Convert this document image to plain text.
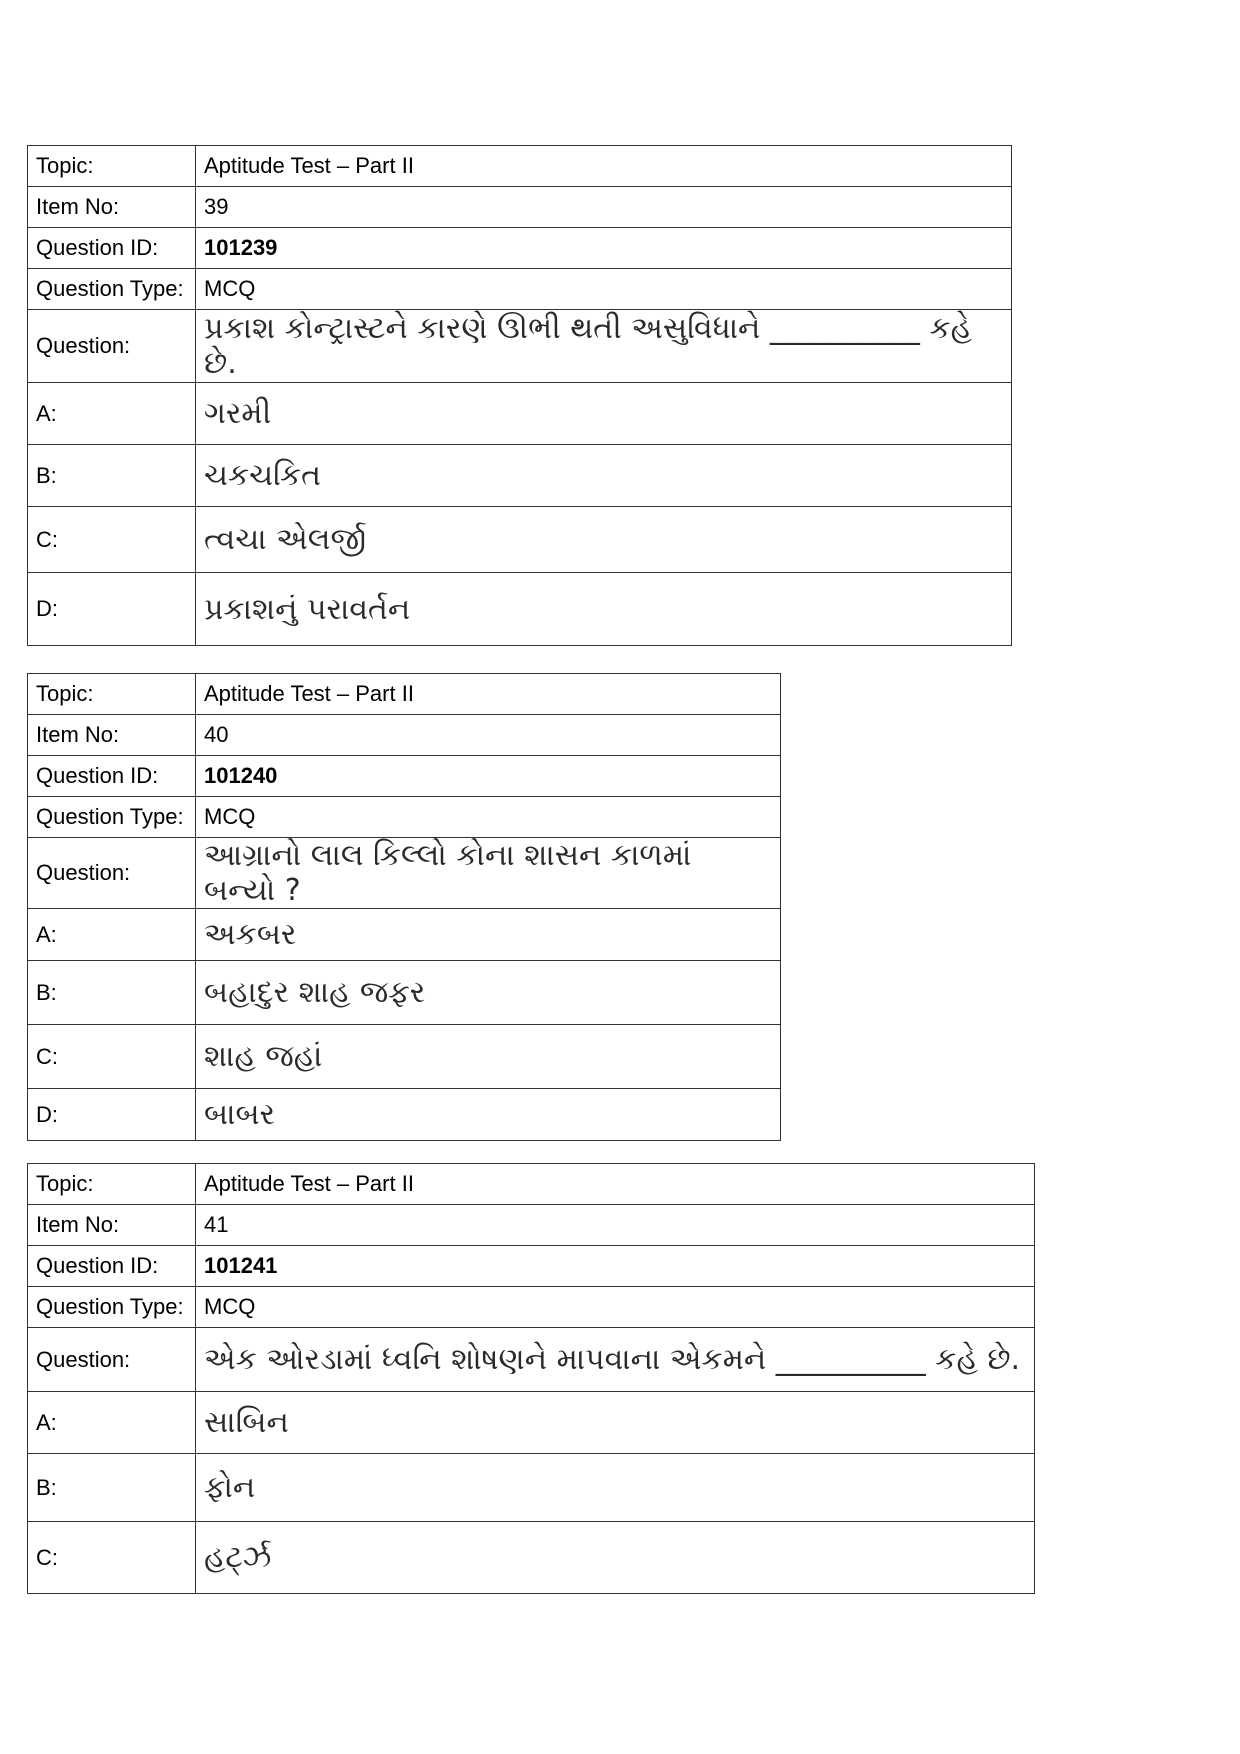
Topic:	Aptitude Test – Part II
Item No:	39
Question ID:	101239
Question Type:	MCQ
Question:	પ્રકાશ કોન્ટ્રાસ્ટને કારણે ઊભી થતી અસુવિધાને __________ કહે છે.
A:	ગરમી
B:	ચકચકિત
C:	ત્વચા એલર્જી
D:	પ્રકાશનું પરાવર્તન
Topic:	Aptitude Test – Part II
Item No:	40
Question ID:	101240
Question Type:	MCQ
Question:	આગ્રાનો લાલ કિલ્લો કોના શાસન કાળમાં બન્યો ?
A:	અકબર
B:	બહાદુર શાહ જફર
C:	શાહ જહાં
D:	બાબર
Topic:	Aptitude Test – Part II
Item No:	41
Question ID:	101241
Question Type:	MCQ
Question:	એક ઓરડામાં ધ્વનિ શોષણને માપવાના એકમને __________ કહે છે.
A:	સાબિન
B:	ફોન
C:	હર્ટ્ઝ
